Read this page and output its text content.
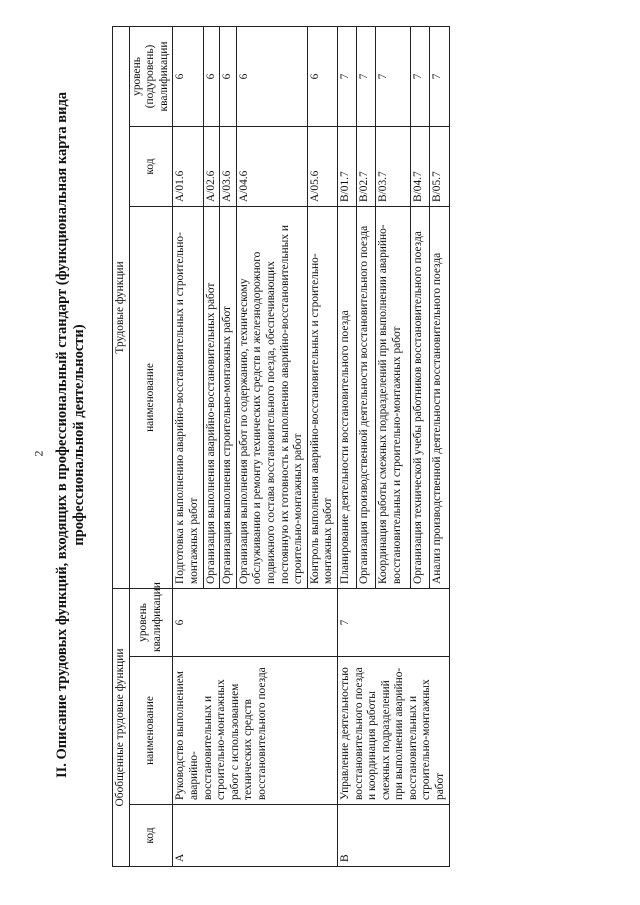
2 II. Описание трудовых функций, входящих в профессиональный стандарт (функциональная карта вида профессиональной деятельности)
Обобщенные трудовые функции			Трудовые функции		
код	наименование	уровень квалификации	наименование	код	уровень (подуровень) квалификации
A	Руководство выполнением аварийно-восстановительных и строительно-монтажных работ с использованием технических средств восстановительного поезда	6	Подготовка к выполнению аварийно-восстановительных и строительно-монтажных работ	A/01.6	6
			Организация выполнения аварийно-восстановительных работ	A/02.6	6
			Организация выполнения строительно-монтажных работ	A/03.6	6
			Организация выполнения работ по содержанию, техническому обслуживанию и ремонту технических средств и железнодорожного подвижного состава восстановительного поезда, обеспечивающих постоянную их готовность к выполнению аварийно-восстановительных и строительно-монтажных работ	A/04.6	6
			Контроль выполнения аварийно-восстановительных и строительно-монтажных работ	A/05.6	6
B	Управление деятельностью восстановительного поезда и координация работы смежных подразделений при выполнении аварийно-восстановительных и строительно-монтажных работ	7	Планирование деятельности восстановительного поезда	B/01.7	7
			Организация производственной деятельности восстановительного поезда	B/02.7	7
			Координация работы смежных подразделений при выполнении аварийно-восстановительных и строительно-монтажных работ	B/03.7	7
			Организация технической учебы работников восстановительного поезда	B/04.7	7
			Анализ производственной деятельности восстановительного поезда	B/05.7	7
